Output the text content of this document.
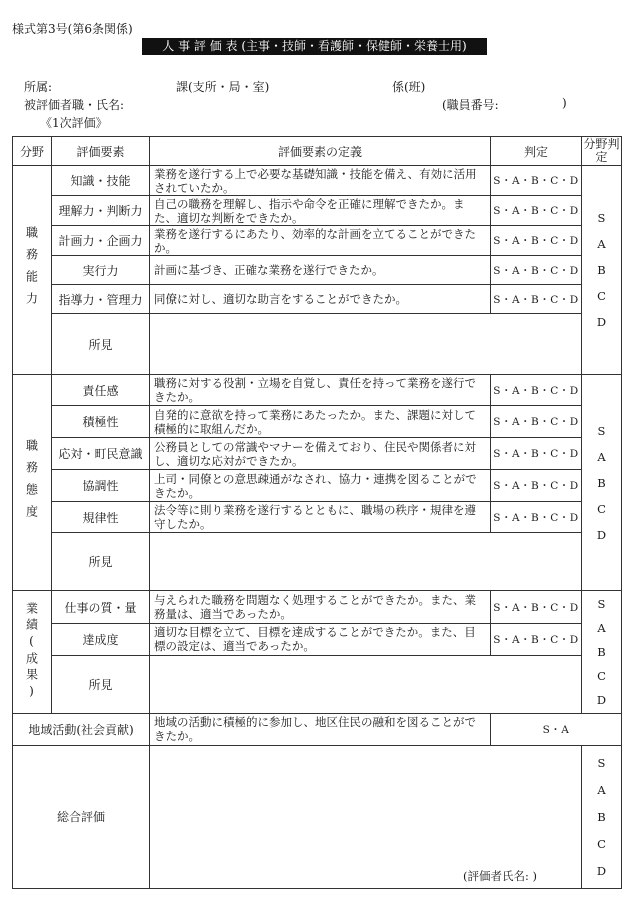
様式第3号(第6条関係)
人 事 評 価 表 (主事・技師・看護師・保健師・栄養士用)
所属:	課(支所・局・室)	係(班)
被評価者職・氏名:	(職員番号:	)
《1次評価》
分野	評価要素	評価要素の定義	判定	分野判定

職務能力	知識・技能	業務を遂行する上で必要な基礎知識・技能を備え、有効に活用されていたか。	S・A・B・C・D	S
A
B
C
D

	理解力・判断力	自己の職務を理解し、指示や命令を正確に理解できたか。また、適切な判断をできたか。	S・A・B・C・D	
	計画力・企画力	業務を遂行するにあたり、効率的な計画を立てることができたか。	S・A・B・C・D	
	実行力	計画に基づき、正確な業務を遂行できたか。	S・A・B・C・D	
	指導力・管理力	同僚に対し、適切な助言をすることができたか。	S・A・B・C・D	
	所見			

職務態度	責任感	職務に対する役割・立場を自覚し、責任を持って業務を遂行できたか。	S・A・B・C・D	S
A
B
C
D

	積極性	自発的に意欲を持って業務にあたったか。また、課題に対して積極的に取組んだか。	S・A・B・C・D	
	応対・町民意識	公務員としての常識やマナーを備えており、住民や関係者に対し、適切な応対ができたか。	S・A・B・C・D	
	協調性	上司・同僚との意思疎通がなされ、協力・連携を図ることができたか。	S・A・B・C・D	
	規律性	法令等に則り業務を遂行するとともに、職場の秩序・規律を遵守したか。	S・A・B・C・D	
	所見			

業績(成果)	仕事の質・量	与えられた職務を問題なく処理することができたか。また、業務量は、適当であったか。	S・A・B・C・D	S
A
B
C
D

	達成度	適切な目標を立て、目標を達成することができたか。また、目標の設定は、適当であったか。	S・A・B・C・D	
	所見			
地域活動(社会貢献)		地域の活動に積極的に参加し、地区住民の融和を図ることができたか。	S・A	
総合評価		(評価者氏名: )		S
A
B
C
D
